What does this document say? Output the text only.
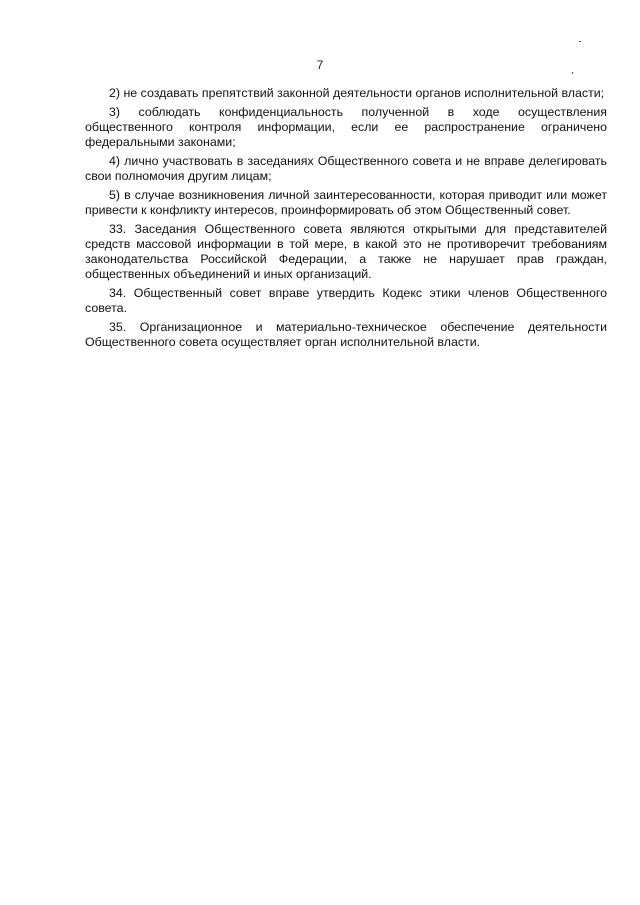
7

2) не создавать препятствий законной деятельности органов исполнительной власти;

3) соблюдать конфиденциальность полученной в ходе осуществления общественного контроля информации, если ее распространение ограничено федеральными законами;

4) лично участвовать в заседаниях Общественного совета и не вправе делегировать свои полномочия другим лицам;

5) в случае возникновения личной заинтересованности, которая приводит или может привести к конфликту интересов, проинформировать об этом Общественный совет.

33. Заседания Общественного совета являются открытыми для представителей средств массовой информации в той мере, в какой это не противоречит требованиям законодательства Российской Федерации, а также не нарушает прав граждан, общественных объединений и иных организаций.

34. Общественный совет вправе утвердить Кодекс этики членов Общественного совета.

35. Организационное и материально-техническое обеспечение деятельности Общественного совета осуществляет орган исполнительной власти.
